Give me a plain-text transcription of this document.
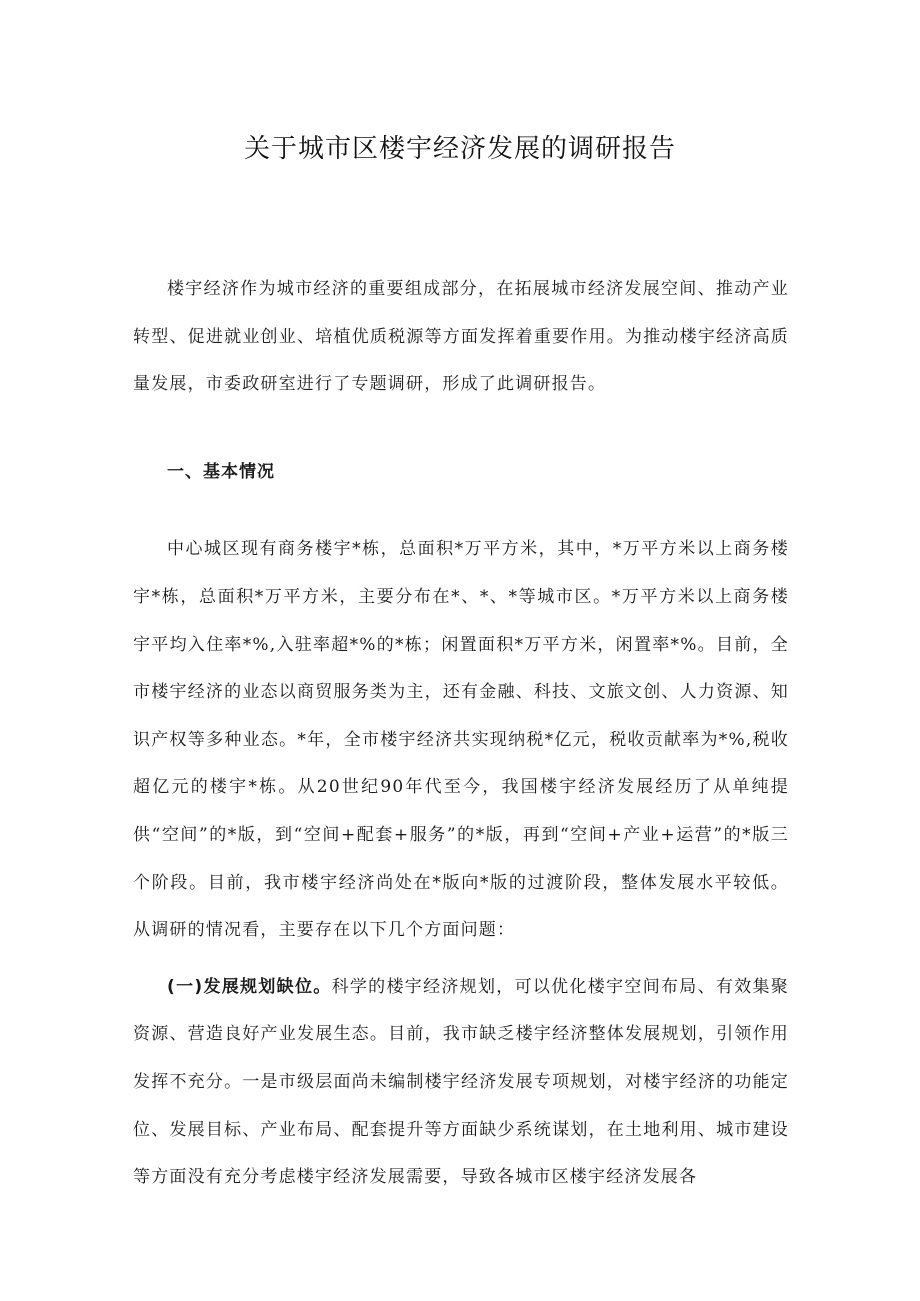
关于城市区楼宇经济发展的调研报告

楼宇经济作为城市经济的重要组成部分，在拓展城市经济发展空间、推动产业转型、促进就业创业、培植优质税源等方面发挥着重要作用。为推动楼宇经济高质量发展，市委政研室进行了专题调研，形成了此调研报告。

一、基本情况

中心城区现有商务楼宇*栋，总面积*万平方米，其中，*万平方米以上商务楼宇*栋，总面积*万平方米，主要分布在*、*、*等城市区。*万平方米以上商务楼宇平均入住率*%,入驻率超*%的*栋；闲置面积*万平方米，闲置率*%。目前，全市楼宇经济的业态以商贸服务类为主，还有金融、科技、文旅文创、人力资源、知识产权等多种业态。*年，全市楼宇经济共实现纳税*亿元，税收贡献率为*%,税收超亿元的楼宇*栋。从20世纪90年代至今，我国楼宇经济发展经历了从单纯提供“空间”的*版，到“空间+配套+服务”的*版，再到“空间+产业+运营”的*版三个阶段。目前，我市楼宇经济尚处在*版向*版的过渡阶段，整体发展水平较低。从调研的情况看，主要存在以下几个方面问题：

(一)发展规划缺位。科学的楼宇经济规划，可以优化楼宇空间布局、有效集聚资源、营造良好产业发展生态。目前，我市缺乏楼宇经济整体发展规划，引领作用发挥不充分。一是市级层面尚未编制楼宇经济发展专项规划，对楼宇经济的功能定位、发展目标、产业布局、配套提升等方面缺少系统谋划，在土地利用、城市建设等方面没有充分考虑楼宇经济发展需要，导致各城市区楼宇经济发展各
